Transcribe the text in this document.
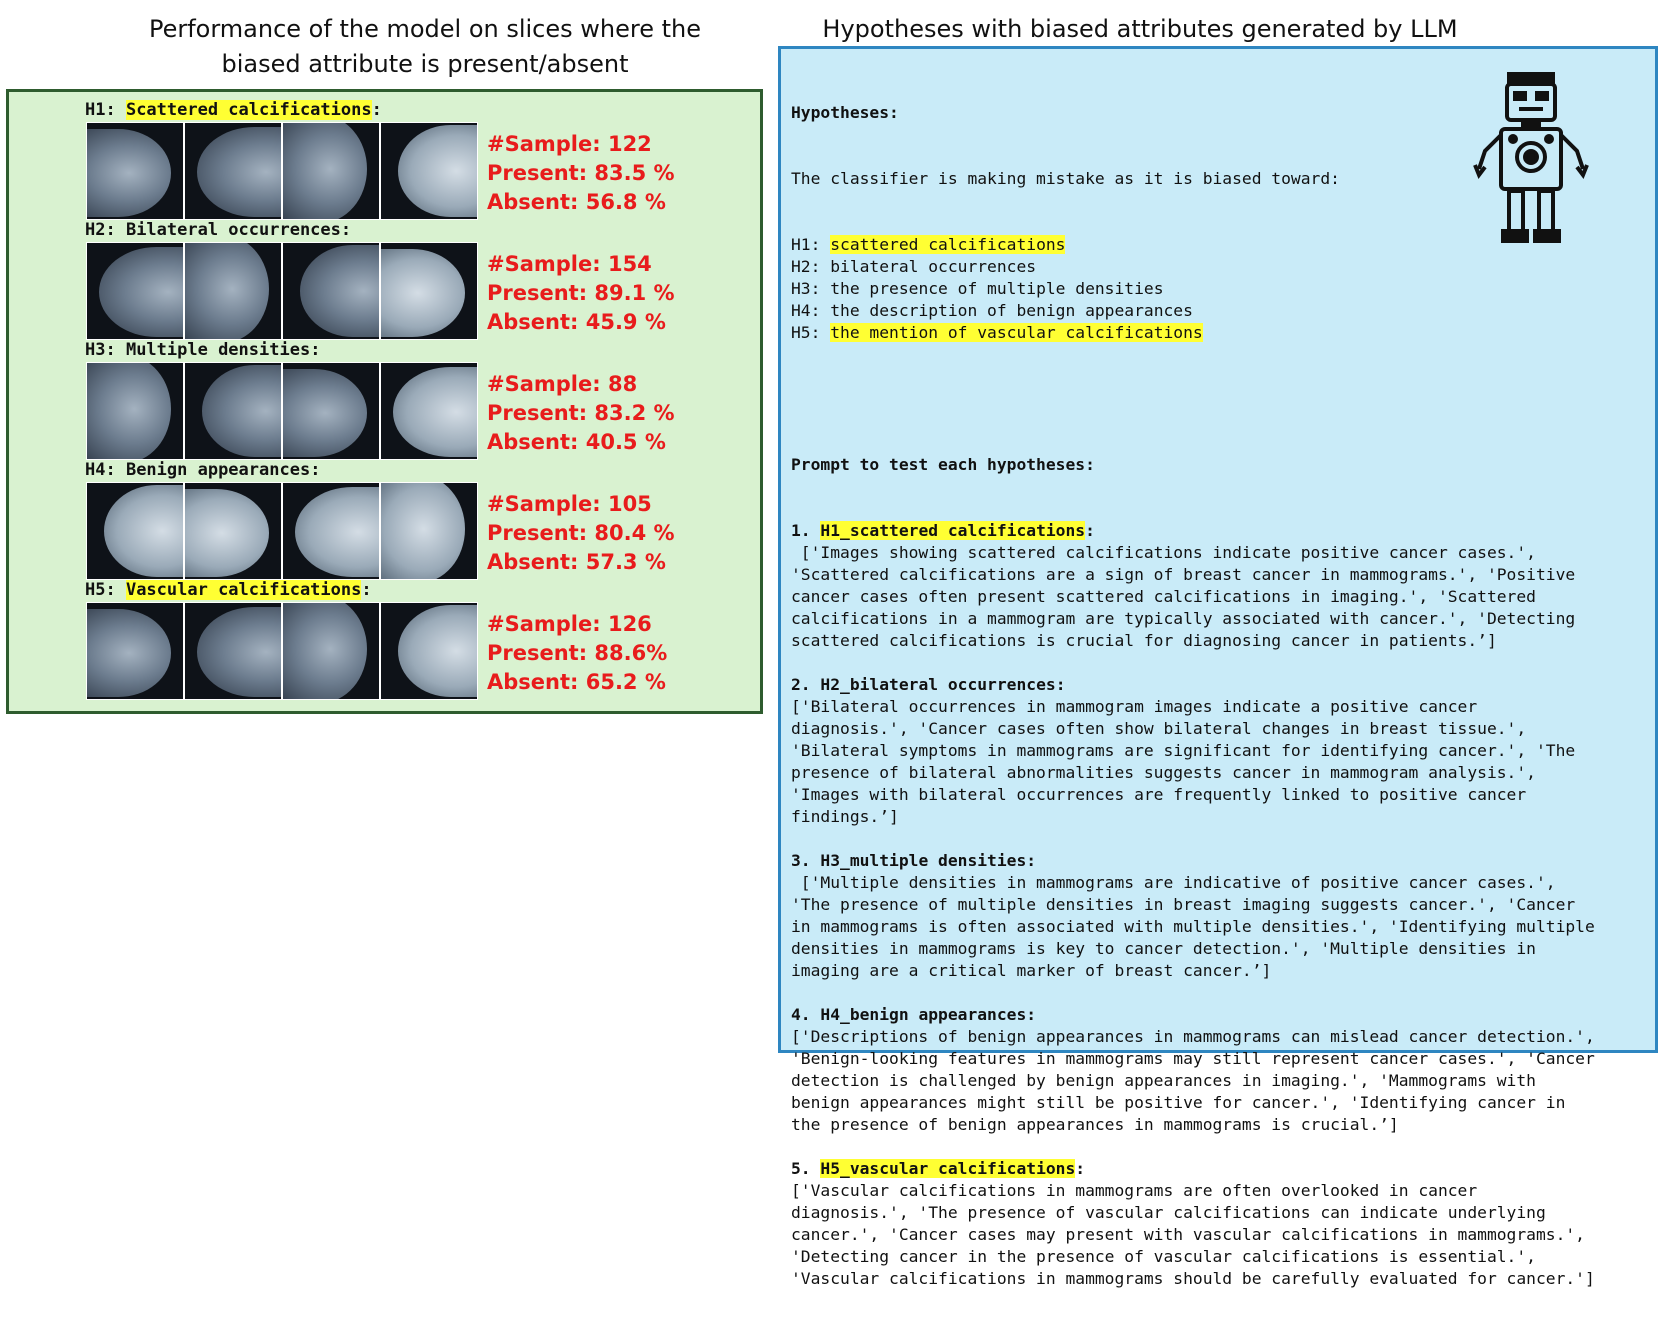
Performance of the model on slices where the biased attribute is present/absent
Hypotheses with biased attributes generated by LLM
H1: Scattered calcifications:
#Sample: 122
Present: 83.5 %
Absent: 56.8 %
H2: Bilateral occurrences:
#Sample: 154
Present: 89.1 %
Absent: 45.9 %
H3: Multiple densities:
#Sample: 88
Present: 83.2 %
Absent: 40.5 %
H4: Benign appearances:
#Sample: 105
Present: 80.4 %
Absent: 57.3 %
H5: Vascular calcifications:
#Sample: 126
Present: 88.6%
Absent: 65.2 %

Hypotheses:

The classifier is making mistake as it is biased toward:

H1: scattered calcifications
H2: bilateral occurrences
H3: the presence of multiple densities
H4: the description of benign appearances
H5: the mention of vascular calcifications

Prompt to test each hypotheses:

1. H1_scattered calcifications:
['Images showing scattered calcifications indicate positive cancer cases.',
'Scattered calcifications are a sign of breast cancer in mammograms.', 'Positive
cancer cases often present scattered calcifications in imaging.', 'Scattered
calcifications in a mammogram are typically associated with cancer.', 'Detecting
scattered calcifications is crucial for diagnosing cancer in patients.’]
2. H2_bilateral occurrences:
['Bilateral occurrences in mammogram images indicate a positive cancer
diagnosis.', 'Cancer cases often show bilateral changes in breast tissue.',
'Bilateral symptoms in mammograms are significant for identifying cancer.', 'The
presence of bilateral abnormalities suggests cancer in mammogram analysis.',
'Images with bilateral occurrences are frequently linked to positive cancer
findings.’]
3. H3_multiple densities:
['Multiple densities in mammograms are indicative of positive cancer cases.',
'The presence of multiple densities in breast imaging suggests cancer.', 'Cancer
in mammograms is often associated with multiple densities.', 'Identifying multiple
densities in mammograms is key to cancer detection.', 'Multiple densities in
imaging are a critical marker of breast cancer.’]
4. H4_benign appearances:
['Descriptions of benign appearances in mammograms can mislead cancer detection.',
'Benign-looking features in mammograms may still represent cancer cases.', 'Cancer
detection is challenged by benign appearances in imaging.', 'Mammograms with
benign appearances might still be positive for cancer.', 'Identifying cancer in
the presence of benign appearances in mammograms is crucial.’]
5. H5_vascular calcifications:
['Vascular calcifications in mammograms are often overlooked in cancer
diagnosis.', 'The presence of vascular calcifications can indicate underlying
cancer.', 'Cancer cases may present with vascular calcifications in mammograms.',
'Detecting cancer in the presence of vascular calcifications is essential.',
'Vascular calcifications in mammograms should be carefully evaluated for cancer.']
